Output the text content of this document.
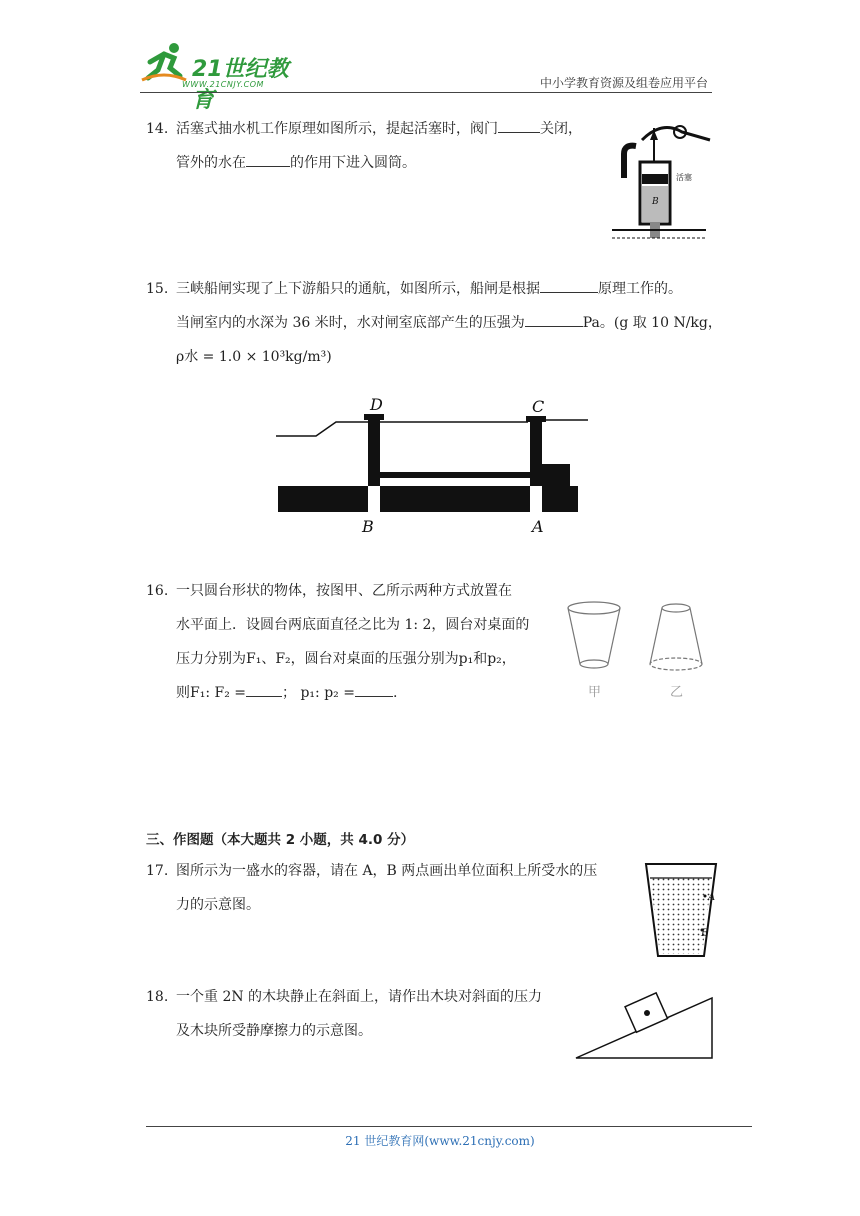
21世纪教育
WWW.21CNJY.COM	中小学教育资源及组卷应用平台
14. 活塞式抽水机工作原理如图所示，提起活塞时，阀门	关闭，
管外的水在	的作用下进入圆筒。
活塞
B
15. 三峡船闸实现了上下游船只的通航，如图所示，船闸是根据	原理工作的。
当闸室内的水深为 36 米时，水对闸室底部产生的压强为	Pa。(g 取 10 N/kg，
ρ水 = 1.0 × 10³kg/m³)
D	C
B	A
16. 一只圆台形状的物体，按图甲、乙所示两种方式放置在
水平面上．设圆台两底面直径之比为 1: 2，圆台对桌面的
压力分别为F₁、F₂，圆台对桌面的压强分别为p₁和p₂，
则F₁: F₂ =	； p₁: p₂ =	.	甲	乙
三、作图题（本大题共 2 小题，共 4.0 分）
17. 图所示为一盛水的容器，请在 A，B 两点画出单位面积上所受水的压
力的示意图。	A
B
18. 一个重 2N 的木块静止在斜面上，请作出木块对斜面的压力
及木块所受静摩擦力的示意图。
21 世纪教育网(www.21cnjy.com)
